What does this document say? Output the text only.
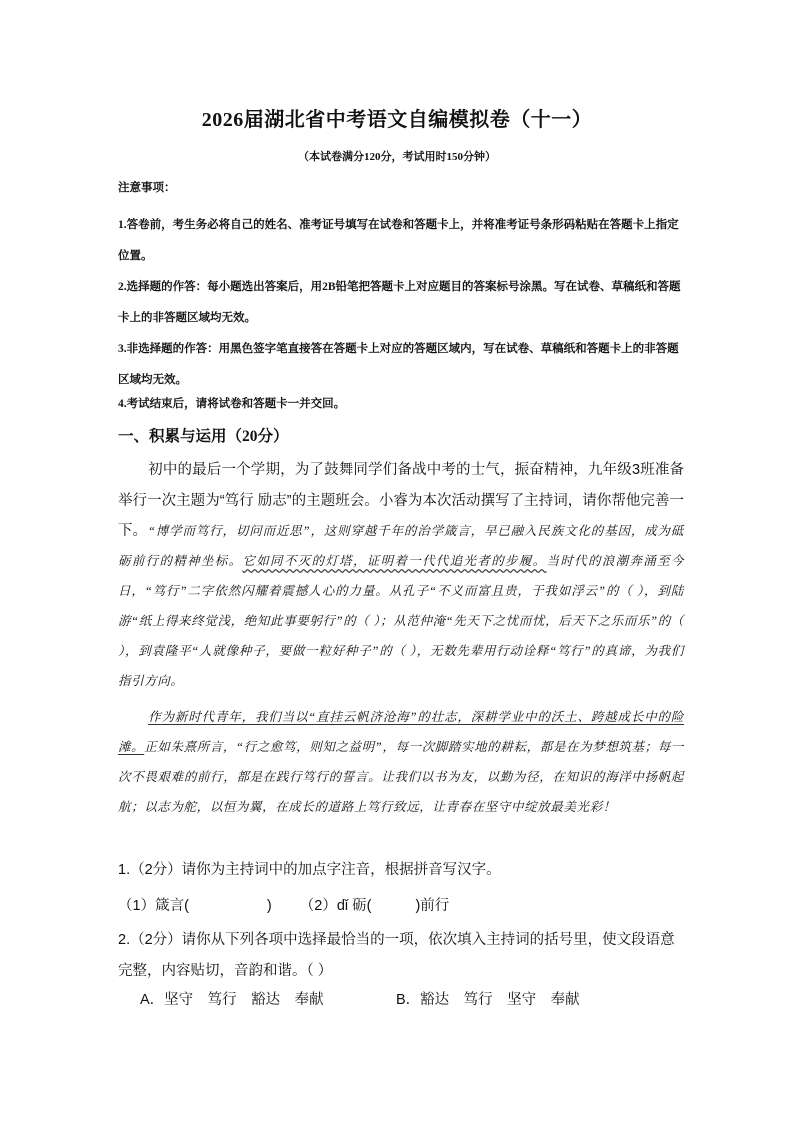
2026届湖北省中考语文自编模拟卷（十一）
（本试卷满分120分，考试用时150分钟）
注意事项：
1.答卷前，考生务必将自己的姓名、准考证号填写在试卷和答题卡上，并将准考证号条形码粘贴在答题卡上指定位置。
2.选择题的作答：每小题选出答案后，用2B铅笔把答题卡上对应题目的答案标号涂黑。写在试卷、草稿纸和答题卡上的非答题区域均无效。
3.非选择题的作答：用黑色签字笔直接答在答题卡上对应的答题区域内，写在试卷、草稿纸和答题卡上的非答题区域均无效。
4.考试结束后，请将试卷和答题卡一并交回。
一、积累与运用（20分）
初中的最后一个学期，为了鼓舞同学们备战中考的士气，振奋精神，九年级3班准备举行一次主题为“笃行 励志”的主题班会。小睿为本次活动撰写了主持词，请你帮他完善一下。 “博学而笃行，切问而近思”，这则穿越千年的治学箴言，早已融入民族文化的基因，成为砥砺前行的精神坐标。它如同不灭的灯塔，证明着一代代追光者的步履。当时代的浪潮奔涌至今日，“笃行”二字依然闪耀着震撼人心的力量。从孔子“不义而富且贵，于我如浮云”的（ ），到陆游“纸上得来终觉浅，绝知此事要躬行”的（ ）；从范仲淹“先天下之忧而忧，后天下之乐而乐”的（ ），到袁隆平“人就像种子，要做一粒好种子”的（ ），无数先辈用行动诠释“笃行”的真谛，为我们指引方向。
作为新时代青年，我们当以“直挂云帆济沧海”的壮志，深耕学业中的沃土、跨越成长中的险滩。正如朱熹所言，“行之愈笃，则知之益明”，每一次脚踏实地的耕耘，都是在为梦想筑基；每一次不畏艰难的前行，都是在践行笃行的誓言。让我们以书为友，以勤为径，在知识的海洋中扬帆起航；以志为舵，以恒为翼，在成长的道路上笃行致远，让青春在坚守中绽放最美光彩！
1.（2分）请你为主持词中的加点字注音，根据拼音写汉字。
（1）箴言(	) （2）dǐ 砺(	)前行
2.（2分）请你从下列各项中选择最恰当的一项，依次填入主持词的括号里，使文段语意完整，内容贴切，音韵和谐。（ ）
A．坚守　笃行　豁达　奉献	B．豁达　笃行　坚守　奉献
